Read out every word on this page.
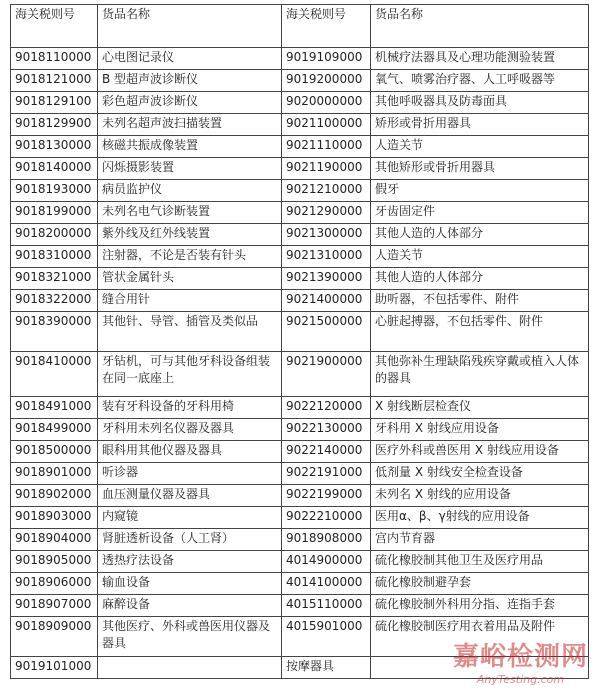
海关税则号	货品名称	海关税则号	货品名称
9018110000	心电图记录仪	9019109000	机械疗法器具及心理功能测验装置
9018121000	B 型超声波诊断仪	9019200000	氧气、喷雾治疗器、人工呼吸器等
9018129100	彩色超声波诊断仪	9020000000	其他呼吸器具及防毒面具
9018129900	未列名超声波扫描装置	9021100000	矫形或骨折用器具
9018130000	核磁共振成像装置	9021110000	人造关节
9018140000	闪烁摄影装置	9021190000	其他矫形或骨折用器具
9018193000	病员监护仪	9021210000	假牙
9018199000	未列名电气诊断装置	9021290000	牙齿固定件
9018200000	紫外线及红外线装置	9021300000	其他人造的人体部分
9018310000	注射器，不论是否装有针头	9021310000	人造关节
9018321000	管状金属针头	9021390000	其他人造的人体部分
9018322000	缝合用针	9021400000	助听器，不包括零件、附件
9018390000	其他针、导管、插管及类似品	9021500000	心脏起搏器，不包括零件、附件
9018410000	牙钻机，可与其他牙科设备组装在同一底座上	9021900000	其他弥补生理缺陷残疾穿戴或植入人体的器具
9018491000	装有牙科设备的牙科用椅	9022120000	X 射线断层检查仪
9018499000	牙科用未列名仪器及器具	9022130000	牙科用 X 射线应用设备
9018500000	眼科用其他仪器及器具	9022140000	医疗外科或兽医用 X 射线应用设备
9018901000	听诊器	9022191000	低剂量 X 射线安全检查设备
9018902000	血压测量仪器及器具	9022199000	未列名 X 射线的应用设备
9018903000	内窥镜	9022210000	医用α、β、γ射线的应用设备
9018904000	肾脏透析设备（人工肾）	9018908000	宫内节育器
9018905000	透热疗法设备	4014900000	硫化橡胶制其他卫生及医疗用品
9018906000	输血设备	4014100000	硫化橡胶制避孕套
9018907000	麻醉设备	4015110000	硫化橡胶制外科用分指、连指手套
9018909000	其他医疗、外科或兽医用仪器及器具	4015901000	硫化橡胶制医疗用衣着用品及附件
9019101000		按摩器具		嘉峪检测网
AnyTesting.com
